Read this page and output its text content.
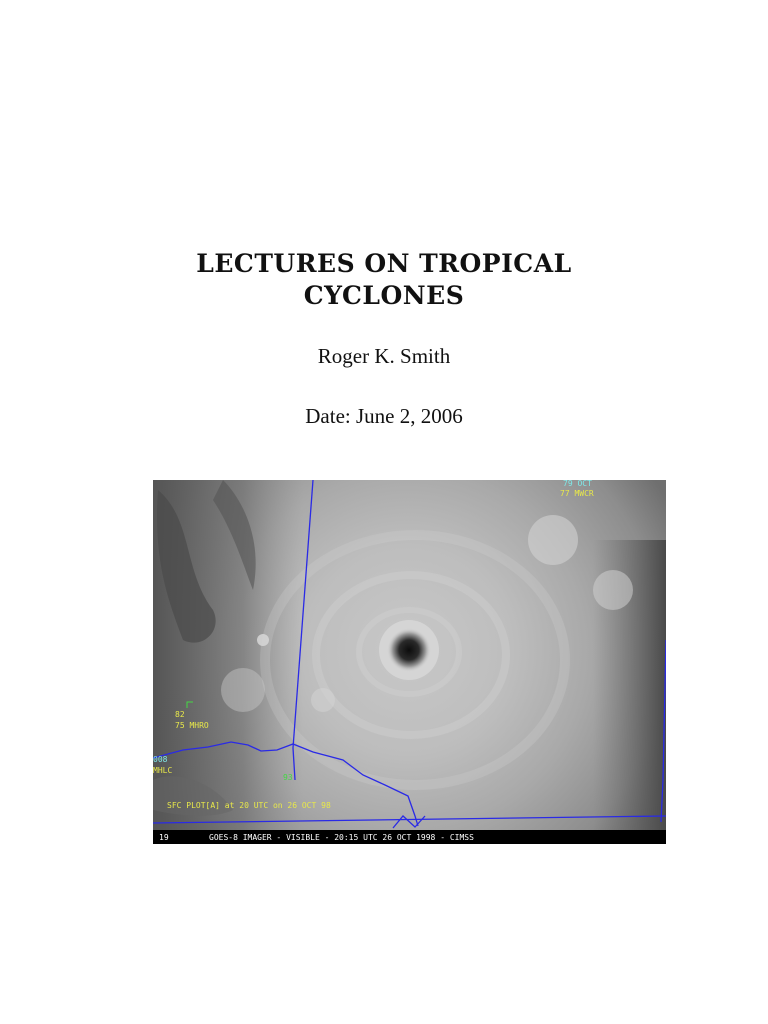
LECTURES ON TROPICAL
CYCLONES

Roger K. Smith

Date: June 2, 2006

79 OCT
77 MWCR
82
75 MHRO
008
MHLC
93
SFC PLOT[A] at 20 UTC on 26 OCT 98
19	GOES-8 IMAGER - VISIBLE - 20:15 UTC 26 OCT 1998 - CIMSS
